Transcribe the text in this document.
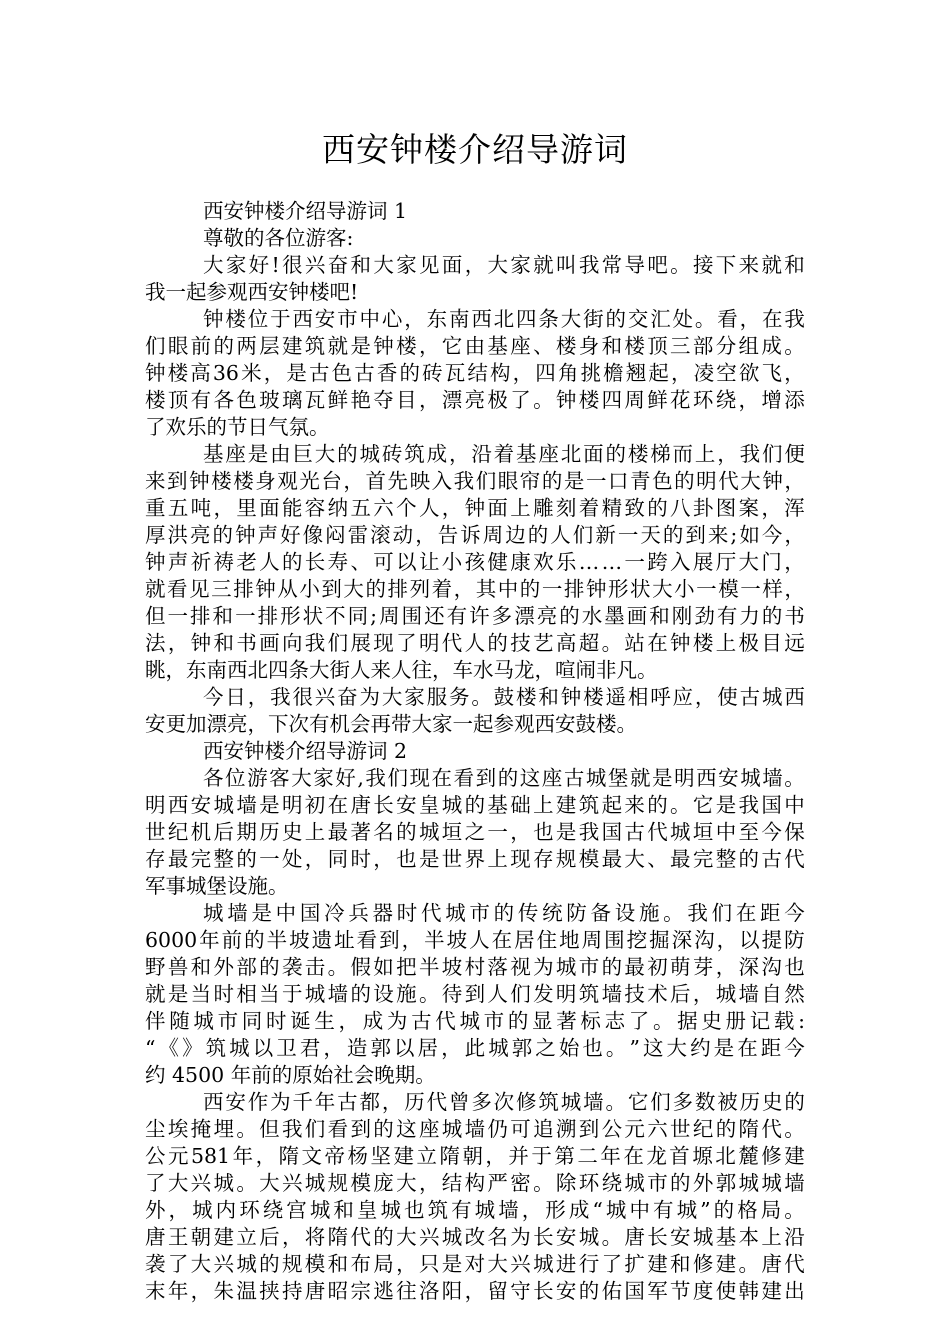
西安钟楼介绍导游词
西安钟楼介绍导游词 1
尊敬的各位游客:
大 家 好 ! 很 兴 奋 和 大 家 见 面 ， 大 家 就 叫 我 常 导 吧 。 接 下 来 就 和
我一起参观西安钟楼吧!
钟 楼 位 于 西 安 市 中 心 ， 东 南 西 北 四 条 大 街 的 交 汇 处 。 看 ， 在 我
们 眼 前 的 两 层 建 筑 就 是 钟 楼 ， 它 由 基 座 、 楼 身 和 楼 顶 三 部 分 组 成 。
钟 楼 高 36 米 ， 是 古 色 古 香 的 砖 瓦 结 构 ， 四 角 挑 檐 翘 起 ， 凌 空 欲 飞 ，
楼 顶 有 各 色 玻 璃 瓦 鲜 艳 夺 目 ， 漂 亮 极 了 。 钟 楼 四 周 鲜 花 环 绕 ， 增 添
了欢乐的节日气氛。
基 座 是 由 巨 大 的 城 砖 筑 成 ， 沿 着 基 座 北 面 的 楼 梯 而 上 ， 我 们 便
来 到 钟 楼 楼 身 观 光 台 ， 首 先 映 入 我 们 眼 帘 的 是 一 口 青 色 的 明 代 大 钟 ，
重 五 吨 ， 里 面 能 容 纳 五 六 个 人 ， 钟 面 上 雕 刻 着 精 致 的 八 卦 图 案 ， 浑
厚 洪 亮 的 钟 声 好 像 闷 雷 滚 动 ， 告 诉 周 边 的 人 们 新 一 天 的 到 来 ; 如 今 ，
钟 声 祈 祷 老 人 的 长 寿 、 可 以 让 小 孩 健 康 欢 乐 … … 一 跨 入 展 厅 大 门 ，
就 看 见 三 排 钟 从 小 到 大 的 排 列 着 ， 其 中 的 一 排 钟 形 状 大 小 一 模 一 样 ，
但 一 排 和 一 排 形 状 不 同 ; 周 围 还 有 许 多 漂 亮 的 水 墨 画 和 刚 劲 有 力 的 书
法 ， 钟 和 书 画 向 我 们 展 现 了 明 代 人 的 技 艺 高 超 。 站 在 钟 楼 上 极 目 远
眺，东南西北四条大街人来人往，车水马龙，喧闹非凡。
今 日 ， 我 很 兴 奋 为 大 家 服 务 。 鼓 楼 和 钟 楼 遥 相 呼 应 ， 使 古 城 西
安更加漂亮，下次有机会再带大家一起参观西安鼓楼。
西安钟楼介绍导游词 2
各 位 游 客 大 家 好 , 我 们 现 在 看 到 的 这 座 古 城 堡 就 是 明 西 安 城 墙 。
明 西 安 城 墙 是 明 初 在 唐 长 安 皇 城 的 基 础 上 建 筑 起 来 的 。 它 是 我 国 中
世 纪 机 后 期 历 史 上 最 著 名 的 城 垣 之 一 ， 也 是 我 国 古 代 城 垣 中 至 今 保
存 最 完 整 的 一 处 ， 同 时 ， 也 是 世 界 上 现 存 规 模 最 大 、 最 完 整 的 古 代
军事城堡设施。
城 墙 是 中 国 冷 兵 器 时 代 城 市 的 传 统 防 备 设 施 。 我 们 在 距 今
6000 年 前 的 半 坡 遗 址 看 到 ， 半 坡 人 在 居 住 地 周 围 挖 掘 深 沟 ， 以 提 防
野 兽 和 外 部 的 袭 击 。 假 如 把 半 坡 村 落 视 为 城 市 的 最 初 萌 芽 ， 深 沟 也
就 是 当 时 相 当 于 城 墙 的 设 施 。 待 到 人 们 发 明 筑 墙 技 术 后 ， 城 墙 自 然
伴 随 城 市 同 时 诞 生 ， 成 为 古 代 城 市 的 显 著 标 志 了 。 据 史 册 记 载 :
“ 《 》 筑 城 以 卫 君 ， 造 郭 以 居 ， 此 城 郭 之 始 也 。 ” 这 大 约 是 在 距 今
约 4500 年前的原始社会晚期。
西 安 作 为 千 年 古 都 ， 历 代 曾 多 次 修 筑 城 墙 。 它 们 多 数 被 历 史 的
尘 埃 掩 埋 。 但 我 们 看 到 的 这 座 城 墙 仍 可 追 溯 到 公 元 六 世 纪 的 隋 代 。
公 元 581 年 ， 隋 文 帝 杨 坚 建 立 隋 朝 ， 并 于 第 二 年 在 龙 首 塬 北 麓 修 建
了 大 兴 城 。 大 兴 城 规 模 庞 大 ， 结 构 严 密 。 除 环 绕 城 市 的 外 郭 城 城 墙
外 ， 城 内 环 绕 宫 城 和 皇 城 也 筑 有 城 墙 ， 形 成 “ 城 中 有 城 ” 的 格 局 。
唐 王 朝 建 立 后 ， 将 隋 代 的 大 兴 城 改 名 为 长 安 城 。 唐 长 安 城 基 本 上 沿
袭 了 大 兴 城 的 规 模 和 布 局 ， 只 是 对 大 兴 城 进 行 了 扩 建 和 修 建 。 唐 代
末 年 ， 朱 温 挟 持 唐 昭 宗 逃 往 洛 阳 ， 留 守 长 安 的 佑 国 军 节 度 使 韩 建 出
